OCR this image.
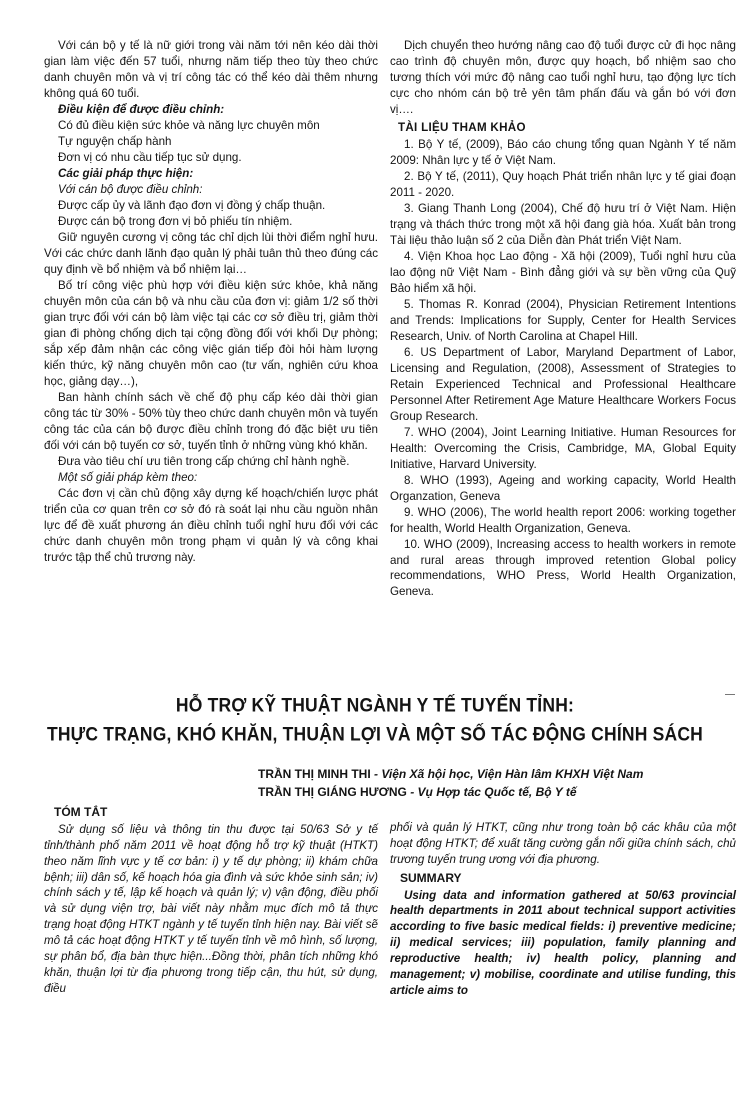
Với cán bộ y tế là nữ giới trong vài năm tới nên kéo dài thời gian làm việc đến 57 tuổi, nhưng năm tiếp theo tùy theo chức danh chuyên môn và vị trí công tác có thể kéo dài thêm nhưng không quá 60 tuổi.

Điều kiện để được điều chỉnh:

Có đủ điều kiện sức khỏe và năng lực chuyên môn

Tự nguyện chấp hành

Đơn vị có nhu cầu tiếp tục sử dụng.

Các giải pháp thực hiện:

Với cán bộ được điều chỉnh:

Được cấp ủy và lãnh đạo đơn vị đồng ý chấp thuận.

Được cán bộ trong đơn vị bỏ phiếu tín nhiệm.

Giữ nguyên cương vị công tác chỉ dịch lùi thời điểm nghỉ hưu. Với các chức danh lãnh đạo quản lý phải tuân thủ theo đúng các quy định về bổ nhiệm và bổ nhiệm lại…

Bố trí công việc phù hợp với điều kiện sức khỏe, khả năng chuyên môn của cán bộ và nhu cầu của đơn vị: giảm 1/2 số thời gian trực đối với cán bộ làm việc tại các cơ sở điều trị, giảm thời gian đi phòng chống dịch tại cộng đồng đối với khối Dự phòng; sắp xếp đảm nhận các công việc gián tiếp đòi hỏi hàm lượng kiến thức, kỹ năng chuyên môn cao (tư vấn, nghiên cứu khoa học, giảng dạy…),

Ban hành chính sách về chế độ phụ cấp kéo dài thời gian công tác từ 30% - 50% tùy theo chức danh chuyên môn và tuyến công tác của cán bộ được điều chỉnh trong đó đặc biệt ưu tiên đối với cán bộ tuyến cơ sở, tuyến tỉnh ở những vùng khó khăn.

Đưa vào tiêu chí ưu tiên trong cấp chứng chỉ hành nghề.

Một số giải pháp kèm theo:

Các đơn vị cần chủ động xây dựng kế hoạch/chiến lược phát triển của cơ quan trên cơ sở đó rà soát lại nhu cầu nguồn nhân lực để đề xuất phương án điều chỉnh tuổi nghỉ hưu đối với các chức danh chuyên môn trong phạm vi quản lý và công khai trước tập thể chủ trương này.

Dịch chuyển theo hướng nâng cao độ tuổi được cử đi học nâng cao trình độ chuyên môn, được quy hoạch, bổ nhiệm sao cho tương thích với mức độ nâng cao tuổi nghỉ hưu, tạo động lực tích cực cho nhóm cán bộ trẻ yên tâm phấn đấu và gắn bó với đơn vị….

TÀI LIỆU THAM KHẢO

1. Bộ Y tế, (2009), Báo cáo chung tổng quan Ngành Y tế năm 2009: Nhân lực y tế ở Việt Nam.

2. Bộ Y tế, (2011), Quy hoạch Phát triển nhân lực y tế giai đoạn 2011 - 2020.

3. Giang Thanh Long (2004), Chế độ hưu trí ở Việt Nam. Hiện trạng và thách thức trong một xã hội đang già hóa. Xuất bản trong Tài liệu thảo luận số 2 của Diễn đàn Phát triển Việt Nam.

4. Viện Khoa học Lao động - Xã hội (2009), Tuổi nghỉ hưu của lao động nữ Việt Nam - Bình đẳng giới và sự bền vững của Quỹ Bảo hiểm xã hội.

5. Thomas R. Konrad (2004), Physician Retirement Intentions and Trends: Implications for Supply, Center for Health Services Research, Univ. of North Carolina at Chapel Hill.

6. US Department of Labor, Maryland Department of Labor, Licensing and Regulation, (2008), Assessment of Strategies to Retain Experienced Technical and Professional Healthcare Personnel After Retirement Age Mature Healthcare Workers Focus Group Research.

7. WHO (2004), Joint Learning Initiative. Human Resources for Health: Overcoming the Crisis, Cambridge, MA, Global Equity Initiative, Harvard University.

8. WHO (1993), Ageing and working capacity, World Health Organzation, Geneva

9. WHO (2006), The world health report 2006: working together for health, World Health Organization, Geneva.

10. WHO (2009), Increasing access to health workers in remote and rural areas through improved retention Global policy recommendations, WHO Press, World Health Organization, Geneva.

HỖ TRỢ KỸ THUẬT NGÀNH Y TẾ TUYẾN TỈNH:
THỰC TRẠNG, KHÓ KHĂN, THUẬN LỢI VÀ MỘT SỐ TÁC ĐỘNG CHÍNH SÁCH
TRẦN THỊ MINH THI - Viện Xã hội học, Viện Hàn lâm KHXH Việt Nam
TRẦN THỊ GIÁNG HƯƠNG - Vụ Hợp tác Quốc tế, Bộ Y tế

TÓM TẮT

Sử dụng số liệu và thông tin thu được tại 50/63 Sở y tế tỉnh/thành phố năm 2011 về hoạt động hỗ trợ kỹ thuật (HTKT) theo năm lĩnh vực y tế cơ bản: i) y tế dự phòng; ii) khám chữa bệnh; iii) dân số, kế hoạch hóa gia đình và sức khỏe sinh sản; iv) chính sách y tế, lập kế hoạch và quản lý; v) vận động, điều phối và sử dụng viện trợ, bài viết này nhằm mục đích mô tả thực trạng hoạt động HTKT ngành y tế tuyến tỉnh hiện nay. Bài viết sẽ mô tả các hoạt động HTKT y tế tuyến tỉnh về mô hình, số lượng, sự phân bổ, địa bàn thực hiện...Đồng thời, phân tích những khó khăn, thuận lợi từ địa phương trong tiếp cận, thu hút, sử dụng, điều

phối và quản lý HTKT, cũng như trong toàn bộ các khâu của một hoạt động HTKT; để xuất tăng cường gắn nối giữa chính sách, chủ trương tuyến trung ương với địa phương.

SUMMARY

Using data and information gathered at 50/63 provincial health departments in 2011 about technical support activities according to five basic medical fields: i) preventive medicine; ii) medical services; iii) population, family planning and reproductive health; iv) health policy, planning and management; v) mobilise, coordinate and utilise funding, this article aims to
